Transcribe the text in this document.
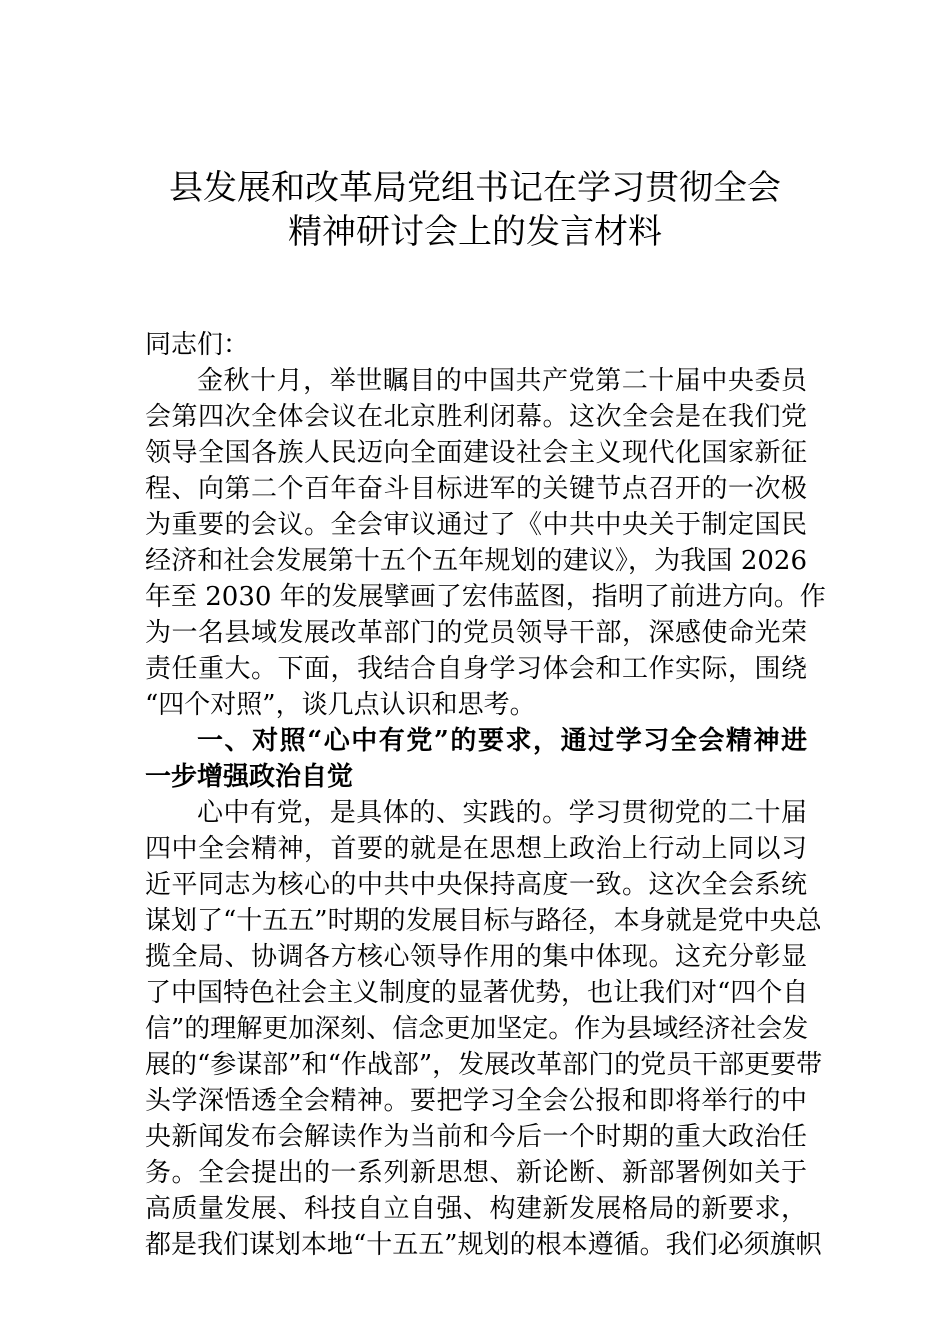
县发展和改革局党组书记在学习贯彻全会
精神研讨会上的发言材料
同志们：
金秋十月，举世瞩目的中国共产党第二十届中央委员
会第四次全体会议在北京胜利闭幕。这次全会是在我们党
领导全国各族人民迈向全面建设社会主义现代化国家新征
程、向第二个百年奋斗目标进军的关键节点召开的一次极
为重要的会议。全会审议通过了《中共中央关于制定国民
经济和社会发展第十五个五年规划的建议》，为我国 2026
年至 2030 年的发展擘画了宏伟蓝图，指明了前进方向。作
为一名县域发展改革部门的党员领导干部，深感使命光荣
责任重大。下面，我结合自身学习体会和工作实际，围绕
“四个对照”，谈几点认识和思考。
一、对照“心中有党”的要求，通过学习全会精神进
一步增强政治自觉
心中有党，是具体的、实践的。学习贯彻党的二十届
四中全会精神，首要的就是在思想上政治上行动上同以习
近平同志为核心的中共中央保持高度一致。这次全会系统
谋划了“十五五”时期的发展目标与路径，本身就是党中央总
揽全局、协调各方核心领导作用的集中体现。这充分彰显
了中国特色社会主义制度的显著优势，也让我们对“四个自
信”的理解更加深刻、信念更加坚定。作为县域经济社会发
展的“参谋部”和“作战部”，发展改革部门的党员干部更要带
头学深悟透全会精神。要把学习全会公报和即将举行的中
央新闻发布会解读作为当前和今后一个时期的重大政治任
务。全会提出的一系列新思想、新论断、新部署例如关于
高质量发展、科技自立自强、构建新发展格局的新要求，
都是我们谋划本地“十五五”规划的根本遵循。我们必须旗帜
